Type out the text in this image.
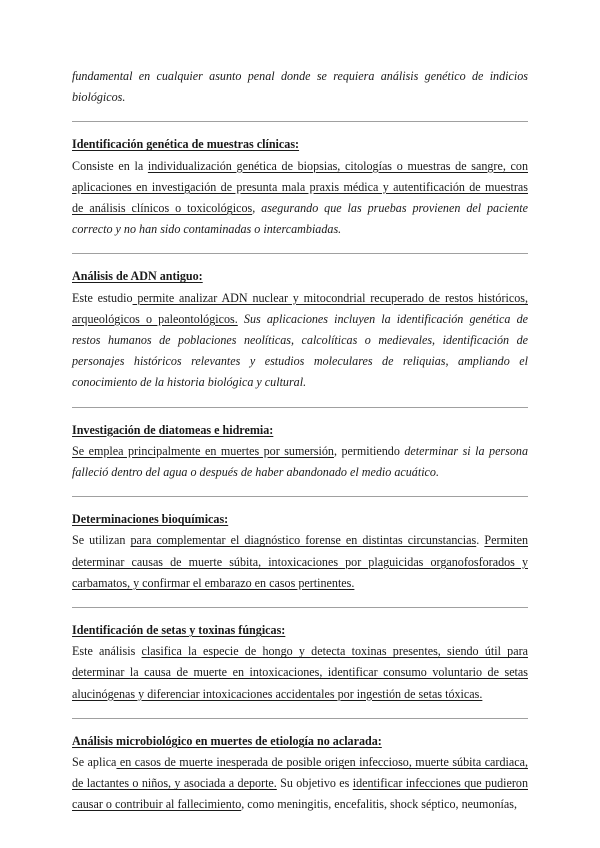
fundamental en cualquier asunto penal donde se requiera análisis genético de indicios biológicos.

Identificación genética de muestras clínicas:

Consiste en la individualización genética de biopsias, citologías o muestras de sangre, con aplicaciones en investigación de presunta mala praxis médica y autentificación de muestras de análisis clínicos o toxicológicos, asegurando que las pruebas provienen del paciente correcto y no han sido contaminadas o intercambiadas.

Análisis de ADN antiguo:

Este estudio permite analizar ADN nuclear y mitocondrial recuperado de restos históricos, arqueológicos o paleontológicos. Sus aplicaciones incluyen la identificación genética de restos humanos de poblaciones neolíticas, calcolíticas o medievales, identificación de personajes históricos relevantes y estudios moleculares de reliquias, ampliando el conocimiento de la historia biológica y cultural.

Investigación de diatomeas e hidremia:

Se emplea principalmente en muertes por sumersión, permitiendo determinar si la persona falleció dentro del agua o después de haber abandonado el medio acuático.

Determinaciones bioquímicas:

Se utilizan para complementar el diagnóstico forense en distintas circunstancias. Permiten determinar causas de muerte súbita, intoxicaciones por plaguicidas organofosforados y carbamatos, y confirmar el embarazo en casos pertinentes.

Identificación de setas y toxinas fúngicas:

Este análisis clasifica la especie de hongo y detecta toxinas presentes, siendo útil para determinar la causa de muerte en intoxicaciones, identificar consumo voluntario de setas alucinógenas y diferenciar intoxicaciones accidentales por ingestión de setas tóxicas.

Análisis microbiológico en muertes de etiología no aclarada:

Se aplica en casos de muerte inesperada de posible origen infeccioso, muerte súbita cardiaca, de lactantes o niños, y asociada a deporte. Su objetivo es identificar infecciones que pudieron causar o contribuir al fallecimiento, como meningitis, encefalitis, shock séptico, neumonías,
